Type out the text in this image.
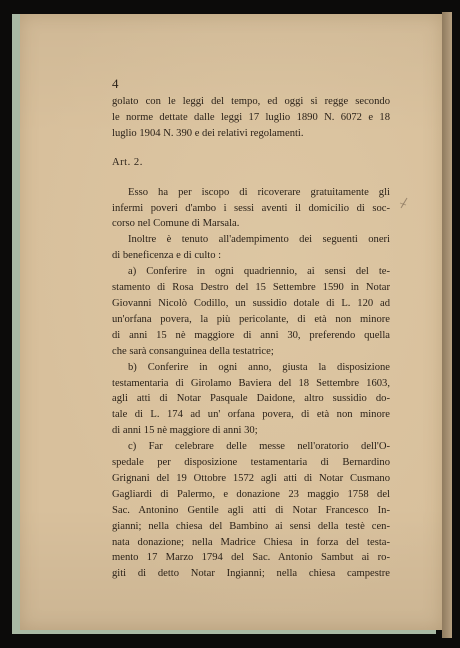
4

golato con le leggi del tempo, ed oggi si regge secondo
le norme dettate dalle leggi 17 luglio 1890 N. 6072 e 18
luglio 1904 N. 390 e dei relativi regolamenti.

Art. 2.

Esso ha per iscopo di ricoverare gratuitamente gli
infermi poveri d'ambo i sessi aventi il domicilio di soc-
corso nel Comune di Marsala.

Inoltre è tenuto all'adempimento dei seguenti oneri
di beneficenza e di culto :

a) Conferire in ogni quadriennio, ai sensi del te-
stamento di Rosa Destro del 15 Settembre 1590 in Notar
Giovanni Nicolò Codillo, un sussidio dotale di L. 120 ad
un'orfana povera, la più pericolante, di età non minore
di anni 15 nè maggiore di anni 30, preferendo quella
che sarà consanguinea della testatrice;

b) Conferire in ogni anno, giusta la disposizione
testamentaria di Girolamo Baviera del 18 Settembre 1603,
agli atti di Notar Pasquale Daidone, altro sussidio do-
tale di L. 174 ad un' orfana povera, di età non minore
di anni 15 nè maggiore di anni 30;

c) Far celebrare delle messe nell'oratorio dell'O-
spedale per disposizione testamentaria di Bernardino
Grignani del 19 Ottobre 1572 agli atti di Notar Cusmano
Gagliardi di Palermo, e donazione 23 maggio 1758 del
Sac. Antonino Gentile agli atti di Notar Francesco In-
gianni; nella chiesa del Bambino ai sensi della testè cen-
nata donazione; nella Madrice Chiesa in forza del testa-
mento 17 Marzo 1794 del Sac. Antonio Sambut ai ro-
giti di detto Notar Ingianni; nella chiesa campestre
